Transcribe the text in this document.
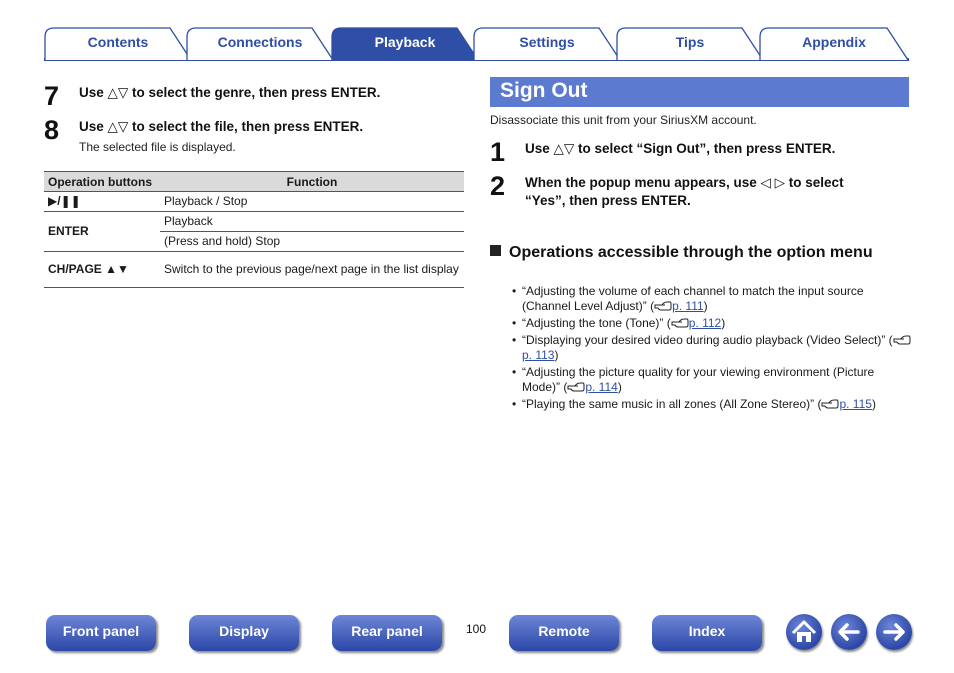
Contents	Connections	Playback	Settings	Tips	Appendix
7 Use △▽ to select the genre, then press ENTER.
8 Use △▽ to select the file, then press ENTER.
The selected file is displayed.
Operation buttons	Function
▶/❚❚	Playback / Stop
ENTER	Playback
	(Press and hold) Stop
CH/PAGE ▲▼	Switch to the previous page/next page in the list display
Sign Out
Disassociate this unit from your SiriusXM account.
1 Use △▽ to select “Sign Out”, then press ENTER.
2 When the popup menu appears, use ◁ ▷ to select
“Yes”, then press ENTER.
Operations accessible through the option menu
• “Adjusting the volume of each channel to match the input source (Channel Level Adjust)” ( p. 111)
• “Adjusting the tone (Tone)” ( p. 112)
• “Displaying your desired video during audio playback (Video Select)” (p. 113)
• “Adjusting the picture quality for your viewing environment (Picture Mode)” ( p. 114)
• “Playing the same music in all zones (All Zone Stereo)” ( p. 115)
Front panel	Display	Rear panel	100	Remote	Index
